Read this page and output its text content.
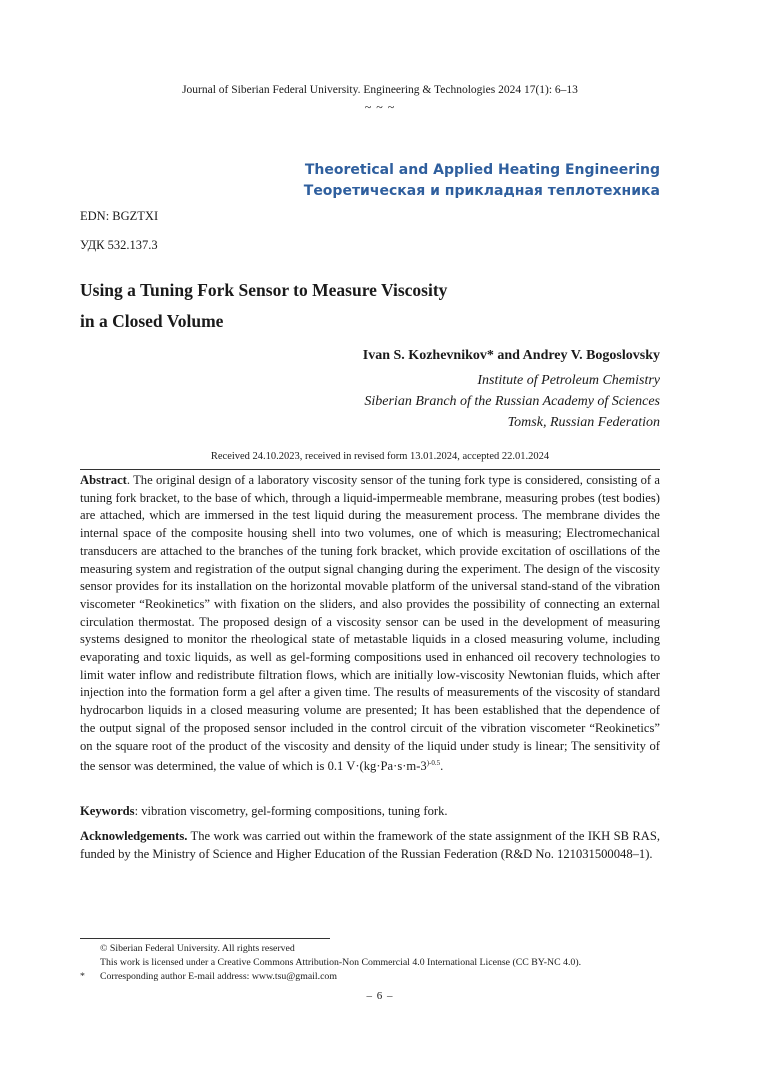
Journal of Siberian Federal University. Engineering & Technologies 2024 17(1): 6–13
~ ~ ~
Theoretical and Applied Heating Engineering
Теоретическая и прикладная теплотехника
EDN: BGZTXI
УДК 532.137.3
Using a Tuning Fork Sensor to Measure Viscosity
in a Closed Volume
Ivan S. Kozhevnikov* and Andrey V. Bogoslovsky
Institute of Petroleum Chemistry
Siberian Branch of the Russian Academy of Sciences
Tomsk, Russian Federation
Received 24.10.2023, received in revised form 13.01.2024, accepted 22.01.2024
Abstract. The original design of a laboratory viscosity sensor of the tuning fork type is considered, consisting of a tuning fork bracket, to the base of which, through a liquid-impermeable membrane, measuring probes (test bodies) are attached, which are immersed in the test liquid during the measurement process. The membrane divides the internal space of the composite housing shell into two volumes, one of which is measuring; Electromechanical transducers are attached to the branches of the tuning fork bracket, which provide excitation of oscillations of the measuring system and registration of the output signal changing during the experiment. The design of the viscosity sensor provides for its installation on the horizontal movable platform of the universal stand-stand of the vibration viscometer “Reokinetics” with fixation on the sliders, and also provides the possibility of connecting an external circulation thermostat. The proposed design of a viscosity sensor can be used in the development of measuring systems designed to monitor the rheological state of metastable liquids in a closed measuring volume, including evaporating and toxic liquids, as well as gel-forming compositions used in enhanced oil recovery technologies to limit water inflow and redistribute filtration flows, which are initially low-viscosity Newtonian fluids, which after injection into the formation form a gel after a given time. The results of measurements of the viscosity of standard hydrocarbon liquids in a closed measuring volume are presented; It has been established that the dependence of the output signal of the proposed sensor included in the control circuit of the vibration viscometer “Reokinetics” on the square root of the product of the viscosity and density of the liquid under study is linear; The sensitivity of the sensor was determined, the value of which is 0.1 $V\cdot(kg\cdot Pa\cdot s\cdot m-3^{)-0.5}$.
Keywords: vibration viscometry, gel-forming compositions, tuning fork.
Acknowledgements. The work was carried out within the framework of the state assignment of the IKH SB RAS, funded by the Ministry of Science and Higher Education of the Russian Federation (R&D No. 121031500048–1).
© Siberian Federal University. All rights reserved
This work is licensed under a Creative Commons Attribution-Non Commercial 4.0 International License (CC BY-NC 4.0).
* Corresponding author E-mail address: www.tsu@gmail.com
– 6 –
